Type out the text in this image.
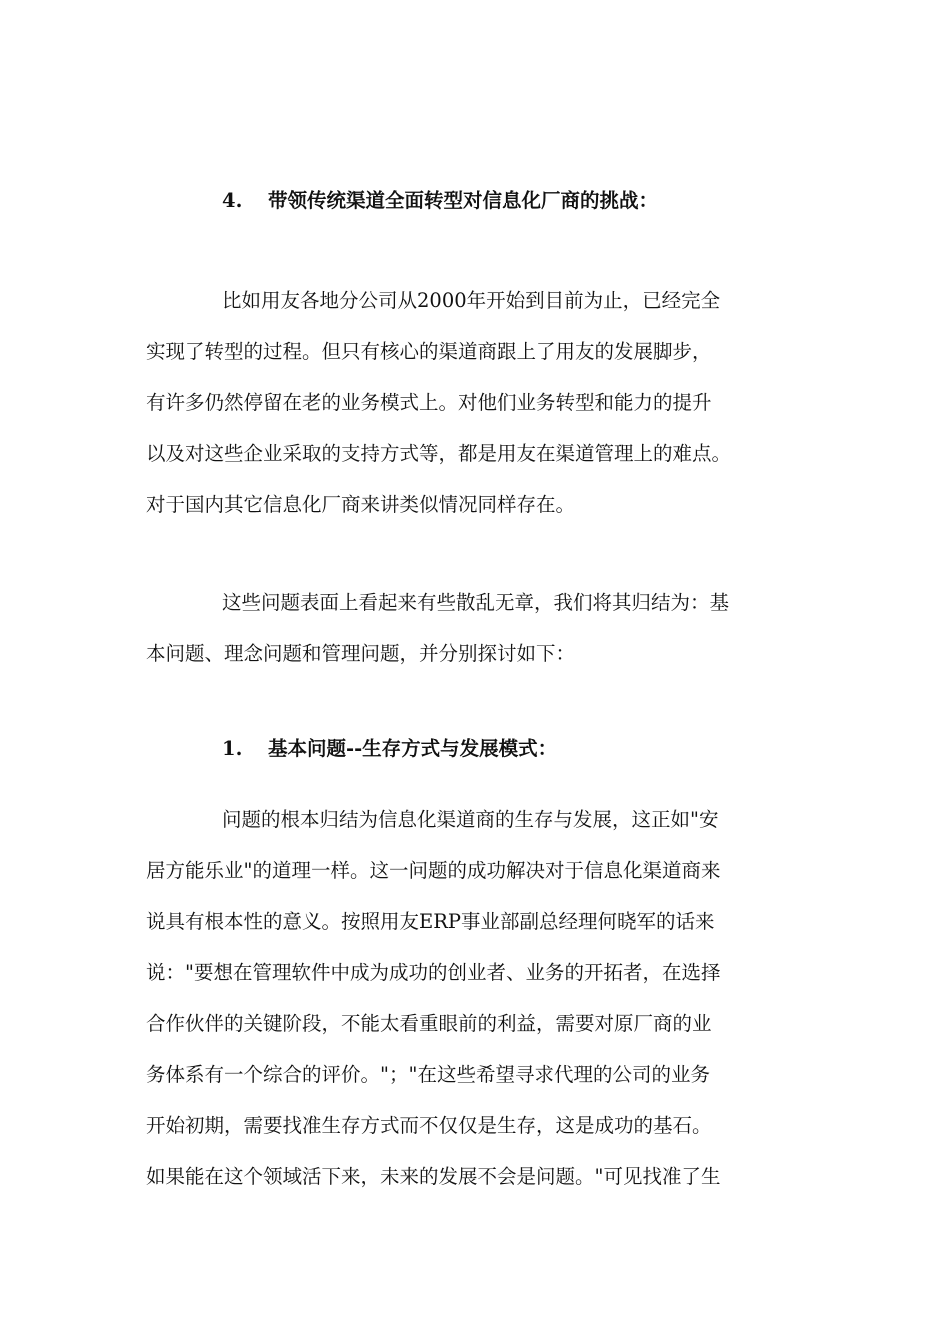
4. 带领传统渠道全面转型对信息化厂商的挑战：
比如用友各地分公司从2000年开始到目前为止，已经完全
实现了转型的过程。但只有核心的渠道商跟上了用友的发展脚步，
有许多仍然停留在老的业务模式上。对他们业务转型和能力的提升
以及对这些企业采取的支持方式等，都是用友在渠道管理上的难点。
对于国内其它信息化厂商来讲类似情况同样存在。
这些问题表面上看起来有些散乱无章，我们将其归结为：基
本问题、理念问题和管理问题，并分别探讨如下：
1. 基本问题--生存方式与发展模式：
问题的根本归结为信息化渠道商的生存与发展，这正如"安
居方能乐业"的道理一样。这一问题的成功解决对于信息化渠道商来
说具有根本性的意义。按照用友ERP事业部副总经理何晓军的话来
说："要想在管理软件中成为成功的创业者、业务的开拓者，在选择
合作伙伴的关键阶段，不能太看重眼前的利益，需要对原厂商的业
务体系有一个综合的评价。"；"在这些希望寻求代理的公司的业务
开始初期，需要找准生存方式而不仅仅是生存，这是成功的基石。
如果能在这个领域活下来，未来的发展不会是问题。"可见找准了生
